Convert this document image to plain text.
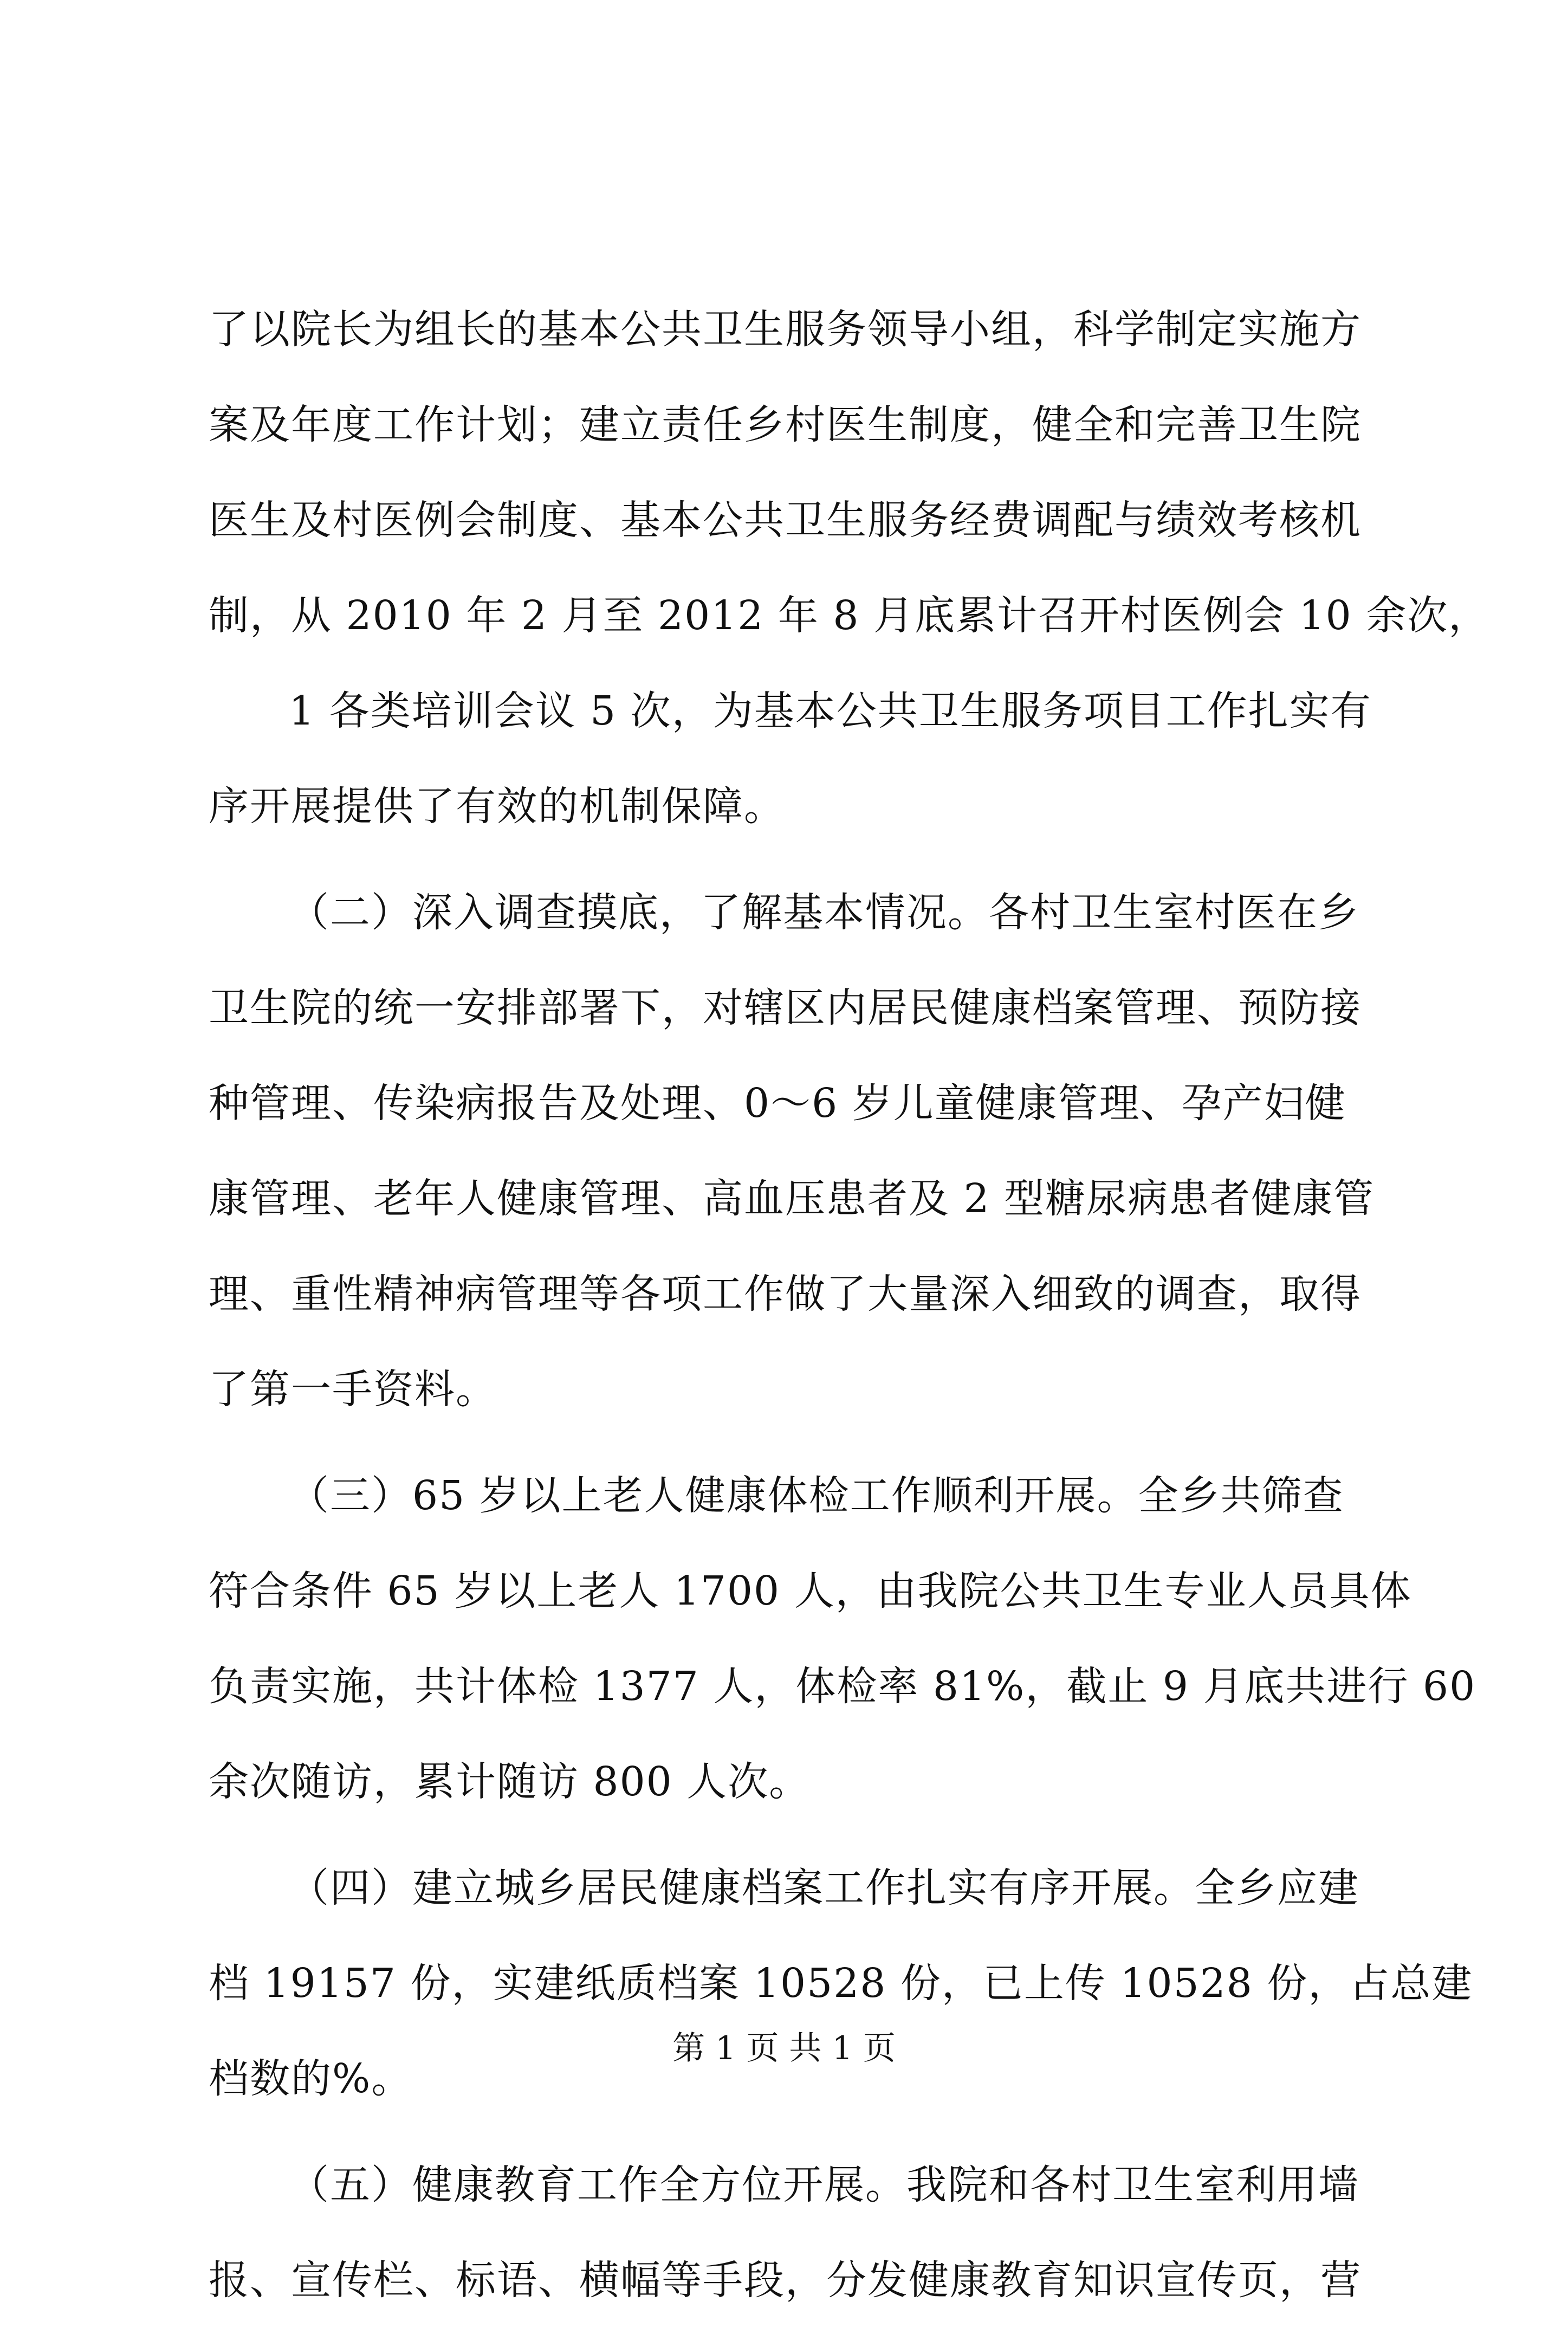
了以院长为组长的基本公共卫生服务领导小组，科学制定实施方
案及年度工作计划；建立责任乡村医生制度，健全和完善卫生院
医生及村医例会制度、基本公共卫生服务经费调配与绩效考核机
制，从 2010 年 2 月至 2012 年 8 月底累计召开村医例会 10 余次，
1 各类培训会议 5 次，为基本公共卫生服务项目工作扎实有
序开展提供了有效的机制保障。
（二）深入调查摸底，了解基本情况。各村卫生室村医在乡
卫生院的统一安排部署下，对辖区内居民健康档案管理、预防接
种管理、传染病报告及处理、0～6 岁儿童健康管理、孕产妇健
康管理、老年人健康管理、高血压患者及 2 型糖尿病患者健康管
理、重性精神病管理等各项工作做了大量深入细致的调查，取得
了第一手资料。
（三）65 岁以上老人健康体检工作顺利开展。全乡共筛查
符合条件 65 岁以上老人 1700 人，由我院公共卫生专业人员具体
负责实施，共计体检 1377 人，体检率 81%，截止 9 月底共进行 60
余次随访，累计随访 800 人次。
（四）建立城乡居民健康档案工作扎实有序开展。全乡应建
档 19157 份，实建纸质档案 10528 份，已上传 10528 份，占总建
档数的%。
（五）健康教育工作全方位开展。我院和各村卫生室利用墙
报、宣传栏、标语、横幅等手段，分发健康教育知识宣传页，营
第 1 页 共 1 页
